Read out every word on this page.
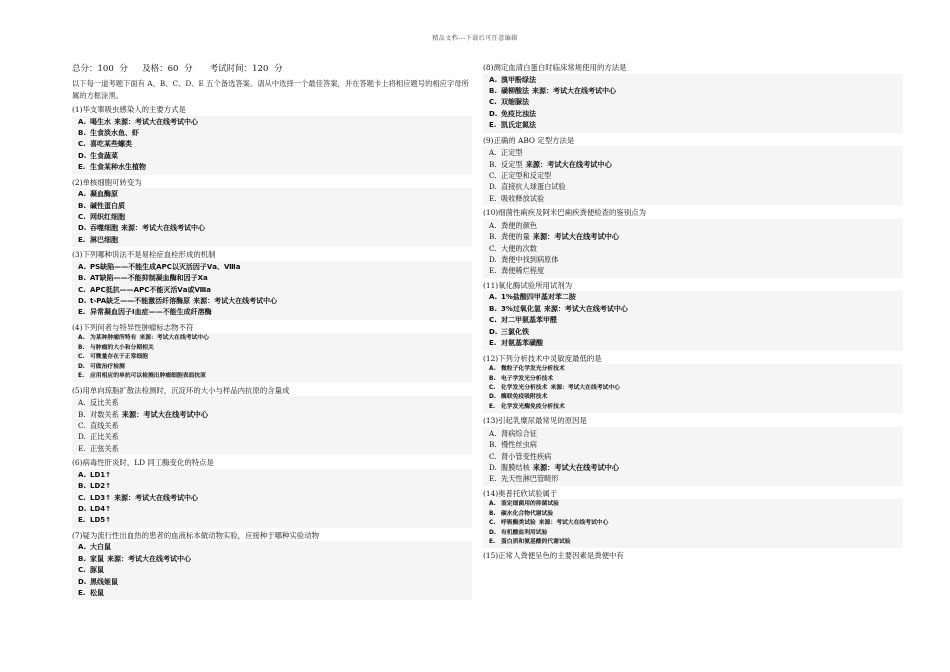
精品文档---下载后可任意编辑
总分：100 分　 及格：60 分　　考试时间：120 分
以下每一道考题下面有 A、B、C、D、E 五个备选答案。请从中选择一个最佳答案，并在答题卡上将相应题号的相应字母所属的方框涂黑。
(1)华支睾吸虫感染人的主要方式是
A. 喝生水 来源：考试大在线考试中心
B. 生食淡水鱼、虾
C. 喜吃某些螺类
D. 生食蔬菜
E. 生食某种水生植物
(2)单核细胞可转变为
A. 凝血酶原
B. 碱性蛋白质
C. 网织红细胞
D. 吞噬细胞 来源：考试大在线考试中心
E. 淋巴细胞
(3)下列哪种说法不是易栓症血栓形成的机制
A. PS缺陷——不能生成APC以灭活因子Ⅴa、Ⅷa
B. AT缺陷——不能抑制凝血酶和因子Xa
C. APC抵抗——APC不能灭活Ⅴa或Ⅷa
D. t-PA缺乏——不能激活纤溶酶原 来源：考试大在线考试中心
E. 异常凝血因子Ⅰ血症——不能生成纤溶酶
(4)下列何者与特异性肿瘤标志物不符
A. 为某种肿瘤所特有 来源：考试大在线考试中心
B. 与肿瘤的大小和分期相关
C. 可微量存在于正常细胞
D. 可做治疗检测
E. 应用相应的单抗可以检测出肿瘤细胞表面抗原
(5)用单向琼脂扩散法检测时，沉淀环的大小与样品内抗原的含量成
A. 反比关系
B. 对数关系 来源：考试大在线考试中心
C. 直线关系
D. 正比关系
E. 正弦关系
(6)病毒性肝炎时，LD 同工酶变化的特点是
A. LD1↑
B. LD2↑
C. LD3↑ 来源：考试大在线考试中心
D. LD4↑
E. LD5↑
(7)疑为流行性出血热的患者的血液标本做动物实验，应接种于哪种实验动物
A. 大白鼠
B. 家鼠 来源：考试大在线考试中心
C. 豚鼠
D. 黑线姬鼠
E. 松鼠
(8)测定血清白蛋白时临床常规使用的方法是
A. 溴甲酚绿法
B. 磺柳酸法 来源：考试大在线考试中心
C. 双缩脲法
D. 免疫比浊法
E. 凯氏定氮法
(9)正确的 ABO 定型方法是
A. 正定型
B. 反定型 来源：考试大在线考试中心
C. 正定型和反定型
D. 直接抗人球蛋白试验
E. 吸收释放试验
(10)细菌性痢疾及阿米巴痢疾粪便检查的鉴别点为
A. 粪便的颜色
B. 粪便的量 来源：考试大在线考试中心
C. 大便的次数
D. 粪便中找到病原体
E. 粪便稀烂程度
(11)氧化酶试验所用试剂为
A. 1%盐酸四甲基对苯二胺
B. 3%过氧化氢 来源：考试大在线考试中心
C. 对二甲氨基苯甲醛
D. 三氯化铁
E. 对氨基苯磺酸
(12)下列分析技术中灵敏度最低的是
A. 微粒子化学发光分析技术
B. 电子学发光分析技术
C. 化学发光分析技术 来源：考试大在线考试中心
D. 酶联免疫吸附技术
E. 化学发光酶免疫分析技术
(13)引起乳糜尿最常见的原因是
A. 肾病综合征
B. 慢性丝虫病
C. 肾小管变性疾病
D. 腹膜结核 来源：考试大在线考试中心
E. 先天性淋巴管畸形
(14)奥普托欣试验属于
A. 鉴定细菌用的抑菌试验
B. 碳水化合物代谢试验
C. 呼吸酶类试验 来源：考试大在线考试中心
D. 有机酸盐利用试验
E. 蛋白质和氨基酸的代谢试验
(15)正常人粪便呈色的主要因素是粪便中有
